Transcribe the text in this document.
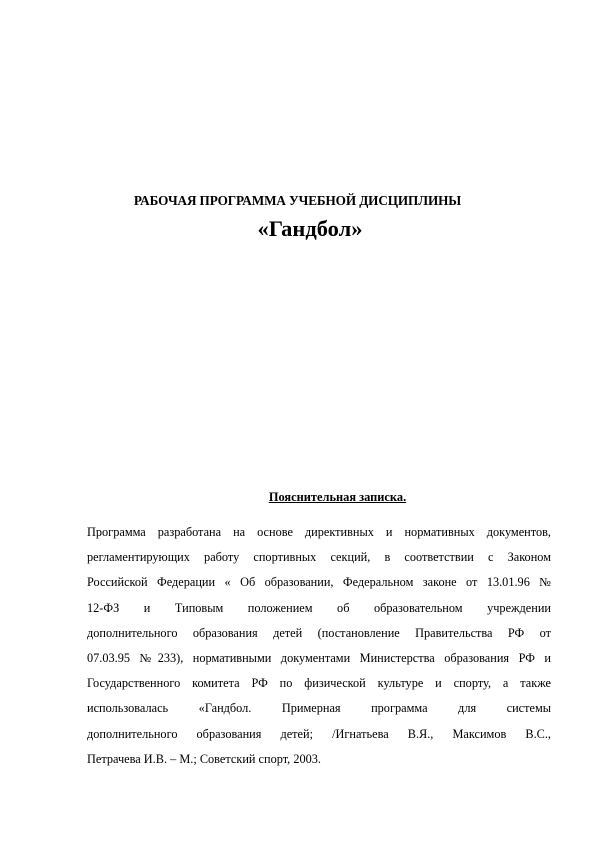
РАБОЧАЯ ПРОГРАММА УЧЕБНОЙ ДИСЦИПЛИНЫ
«Гандбол»
Пояснительная записка.

Программа разработана на основе директивных и нормативных документов,
регламентирующих работу спортивных секций, в соответствии с Законом
Российской Федерации « Об образовании, Федеральном законе от 13.01.96 №
12-ФЗ и Типовым положением об образовательном учреждении
дополнительного образования детей (постановление Правительства РФ от
07.03.95 №233), нормативными документами Министерства образования РФ и
Государственного комитета РФ по физической культуре и спорту, а также
использовалась «Гандбол. Примерная программа для системы
дополнительного образования детей; /Игнатьева В.Я., Максимов В.С.,
Петрачева И.В. – М.; Советский спорт, 2003.
